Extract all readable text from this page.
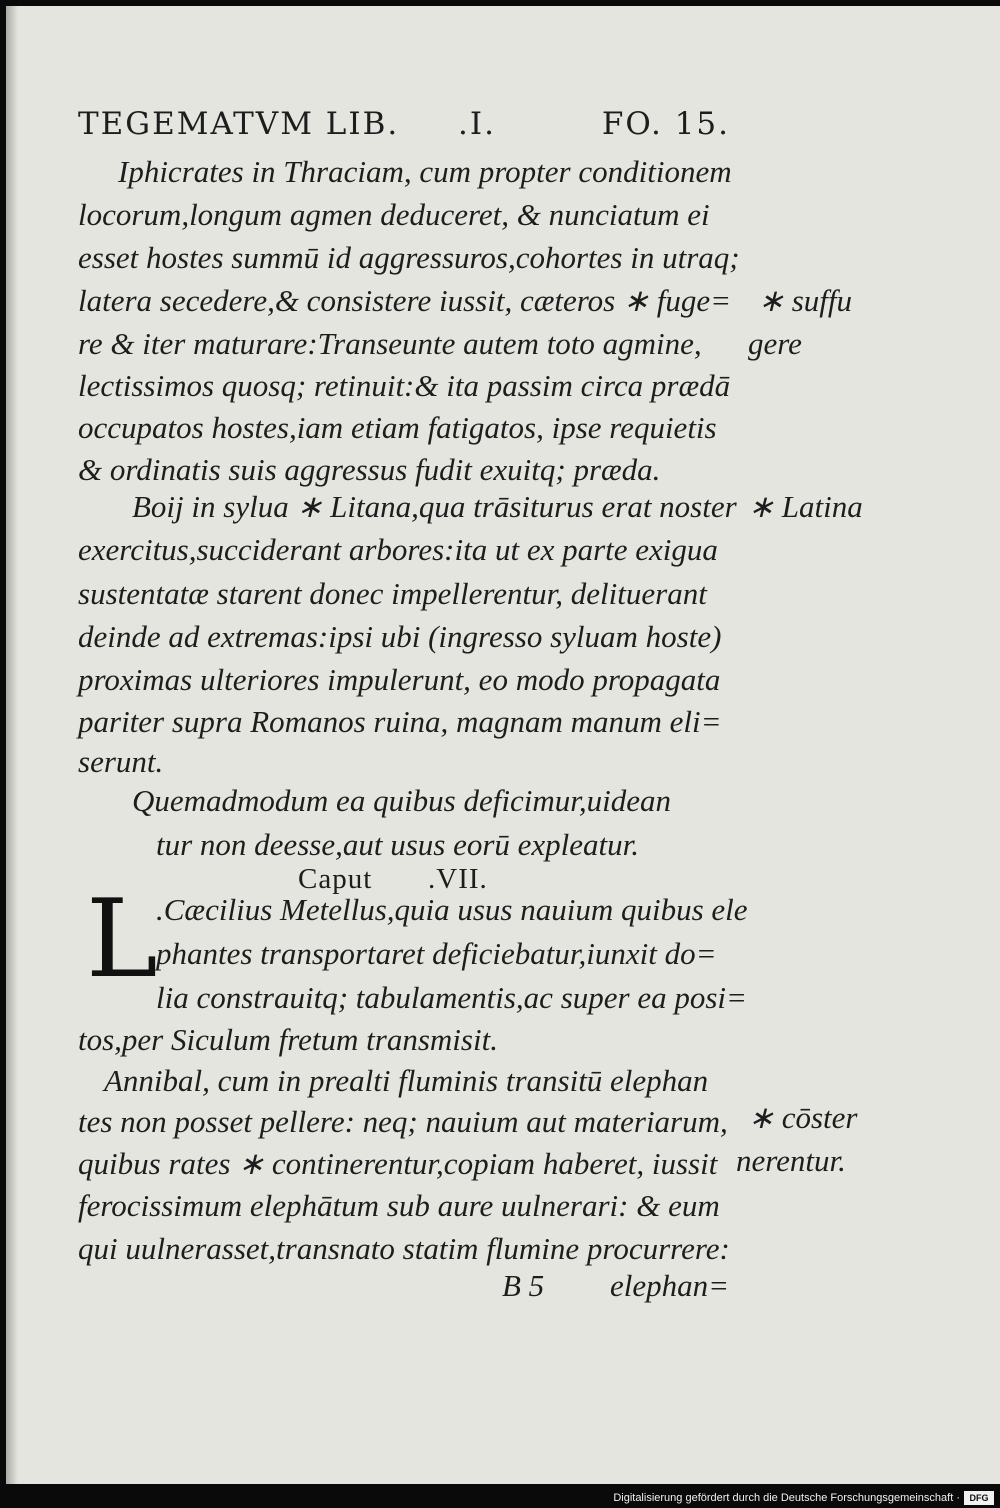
TEGEMATVM LIB.	.I.	FO. 15.
Iphicrates in Thraciam, cum propter conditionem
locorum,longum agmen deduceret, & nunciatum ei
esset hostes summū id aggressuros,cohortes in utraq;
latera secedere,& consistere iussit, cæteros ∗ fuge=
re & iter maturare:Transeunte autem toto agmine,
lectissimos quosq; retinuit:& ita passim circa prædā
occupatos hostes,iam etiam fatigatos, ipse requietis
& ordinatis suis aggressus fudit exuitq; præda.
Boij in sylua ∗ Litana,qua trāsiturus erat noster
exercitus,succiderant arbores:ita ut ex parte exigua
sustentatæ starent donec impellerentur, delituerant
deinde ad extremas:ipsi ubi (ingresso syluam hoste)
proximas ulteriores impulerunt, eo modo propagata
pariter supra Romanos ruina, magnam manum eli=
serunt.
Quemadmodum ea quibus deficimur,uidean
tur non deesse,aut usus eorū expleatur.
Caput .VII.
L
.Cæcilius Metellus,quia usus nauium quibus ele
phantes transportaret deficiebatur,iunxit do=
lia constrauitq; tabulamentis,ac super ea posi=
tos,per Siculum fretum transmisit.
Annibal, cum in prealti fluminis transitū elephan
tes non posset pellere: neq; nauium aut materiarum,
quibus rates ∗ continerentur,copiam haberet, iussit
ferocissimum elephātum sub aure uulnerari: & eum
qui uulnerasset,transnato statim flumine procurrere:
B 5 elephan=
∗ suffu
gere
∗ Latina
∗ cōster
nerentur.
Digitalisierung gefördert durch die Deutsche Forschungsgemeinschaft ·	DFG
